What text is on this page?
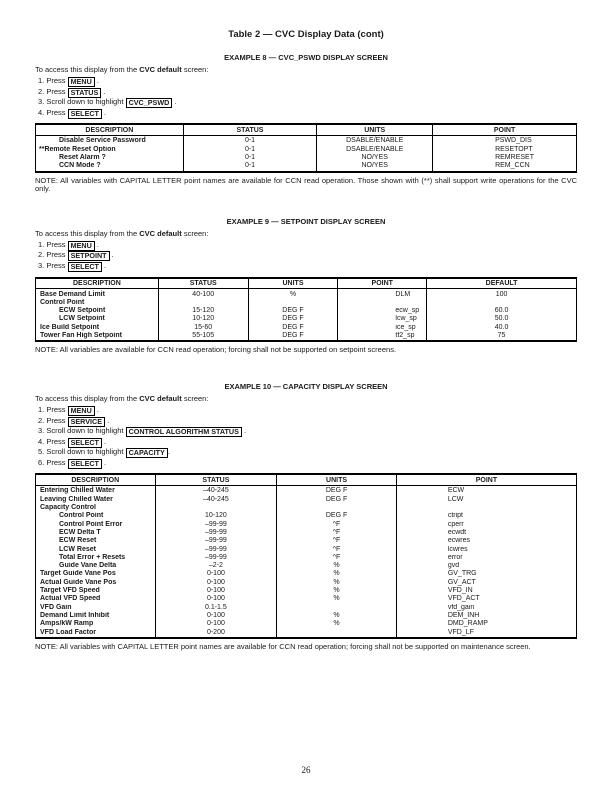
Table 2 — CVC Display Data (cont)
EXAMPLE 8 — CVC_PSWD DISPLAY SCREEN

To access this display from the CVC default screen:

1. Press MENU .
2. Press STATUS .
3. Scroll down to highlight CVC_PSWD .
4. Press SELECT .
DESCRIPTION	STATUS	UNITS	POINT
Disable Service Password	0-1	DSABLE/ENABLE	PSWD_DIS
**Remote Reset Option	0-1	DSABLE/ENABLE	RESETOPT
Reset Alarm ?	0-1	NO/YES	REMRESET
CCN Mode ?	0-1	NO/YES	REM_CCN

NOTE: All variables with CAPITAL LETTER point names are available for CCN read operation. Those shown with (**) shall support write operations for the CVC only.

EXAMPLE 9 — SETPOINT DISPLAY SCREEN

To access this display from the CVC default screen:

1. Press MENU .
2. Press SETPOINT .
3. Press SELECT .
DESCRIPTION	STATUS	UNITS	POINT	DEFAULT
Base Demand Limit	40-100	%	DLM	100
Control Point				
ECW Setpoint	15-120	DEG F	ecw_sp	60.0
LCW Setpoint	10-120	DEG F	lcw_sp	50.0
Ice Build Setpoint	15-60	DEG F	ice_sp	40.0
Tower Fan High Setpoint	55-105	DEG F	tf2_sp	75

NOTE: All variables are available for CCN read operation; forcing shall not be supported on setpoint screens.

EXAMPLE 10 — CAPACITY DISPLAY SCREEN

To access this display from the CVC default screen:

1. Press MENU .
2. Press SERVICE .
3. Scroll down to highlight CONTROL ALGORITHM STATUS .
4. Press SELECT .
5. Scroll down to highlight CAPACITY .
6. Press SELECT .
DESCRIPTION	STATUS	UNITS	POINT
Entering Chilled Water	–40-245	DEG F	ECW
Leaving Chilled Water	–40-245	DEG F	LCW
Capacity Control			
Control Point	10-120	DEG F	ctript
Control Point Error	–99-99	^F	cperr
ECW Delta T	–99-99	^F	ecwdt
ECW Reset	–99-99	^F	ecwres
LCW Reset	–99-99	^F	lcwres
Total Error + Resets	–99-99	^F	error
Guide Vane Delta	–2-2	%	gvd
Target Guide Vane Pos	0-100	%	GV_TRG
Actual Guide Vane Pos	0-100	%	GV_ACT
Target VFD Speed	0-100	%	VFD_IN
Actual VFD Speed	0-100	%	VFD_ACT
VFD Gain	0.1-1.5		vfd_gain
Demand Limit Inhibit	0-100	%	DEM_INH
Amps/kW Ramp	0-100	%	DMD_RAMP
VFD Load Factor	0-200		VFD_LF

NOTE: All variables with CAPITAL LETTER point names are available for CCN read operation; forcing shall not be supported on maintenance screen.

26
